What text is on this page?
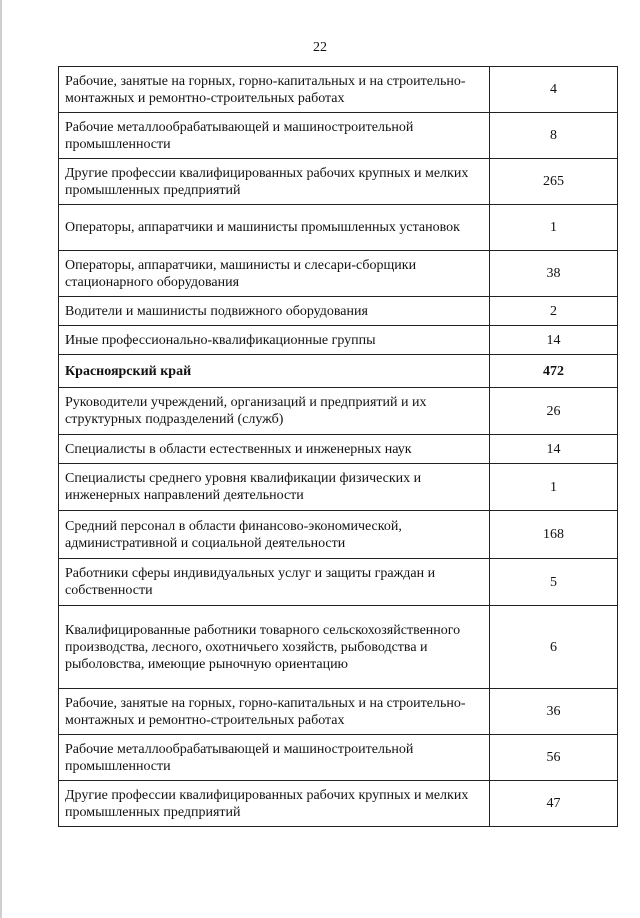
22
Рабочие, занятые на горных, горно-капитальных и на строительно-монтажных и ремонтно-строительных работах	4
Рабочие металлообрабатывающей и машиностроительной промышленности	8
Другие профессии квалифицированных рабочих крупных и мелких промышленных предприятий	265
Операторы, аппаратчики и машинисты промышленных установок	1
Операторы, аппаратчики, машинисты и слесари-сборщики стационарного оборудования	38
Водители и машинисты подвижного оборудования	2
Иные профессионально-квалификационные группы	14
Красноярский край	472
Руководители учреждений, организаций и предприятий и их структурных подразделений (служб)	26
Специалисты в области естественных и инженерных наук	14
Специалисты среднего уровня квалификации физических и инженерных направлений деятельности	1
Средний персонал в области финансово-экономической, административной и социальной деятельности	168
Работники сферы индивидуальных услуг и защиты граждан и собственности	5
Квалифицированные работники товарного сельскохозяйственного производства, лесного, охотничьего хозяйств, рыбоводства и рыболовства, имеющие рыночную ориентацию	6
Рабочие, занятые на горных, горно-капитальных и на строительно-монтажных и ремонтно-строительных работах	36
Рабочие металлообрабатывающей и машиностроительной промышленности	56
Другие профессии квалифицированных рабочих крупных и мелких промышленных предприятий	47
